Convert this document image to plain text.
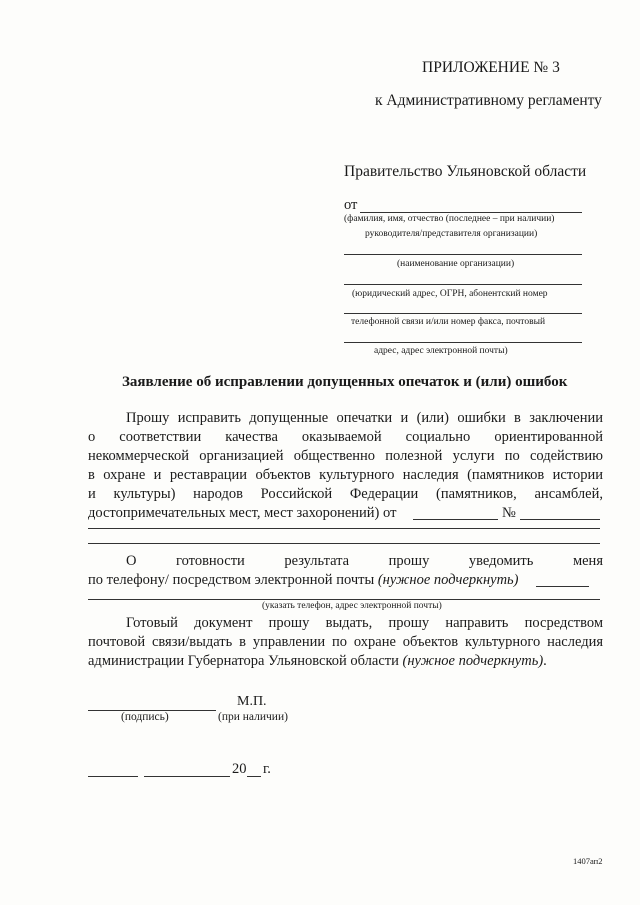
ПРИЛОЖЕНИЕ № 3
к Административному регламенту
Правительство Ульяновской области
от
(фамилия, имя, отчество (последнее – при наличии)
руководителя/представителя организации)
(наименование организации)
(юридический адрес, ОГРН, абонентский номер
телефонной связи и/или номер факса, почтовый
адрес, адрес электронной почты)
Заявление об исправлении допущенных опечаток и (или) ошибок
Прошу исправить допущенные опечатки и (или) ошибки в заключении
о соответствии качества оказываемой социально ориентированной
некоммерческой организацией общественно полезной услуги по содействию
в охране и реставрации объектов культурного наследия (памятников истории
и культуры) народов Российской Федерации (памятников, ансамблей,
достопримечательных мест, мест захоронений) от	№
О готовности результата прошу уведомить меня
по телефону/ посредством электронной почты (нужное подчеркнуть)
(указать телефон, адрес электронной почты)
Готовый документ прошу выдать, прошу направить посредством
почтовой связи/выдать в управлении по охране объектов культурного наследия
администрации Губернатора Ульяновской области (нужное подчеркнуть).
М.П.
(подпись)	(при наличии)
20 г.
1407ап2
